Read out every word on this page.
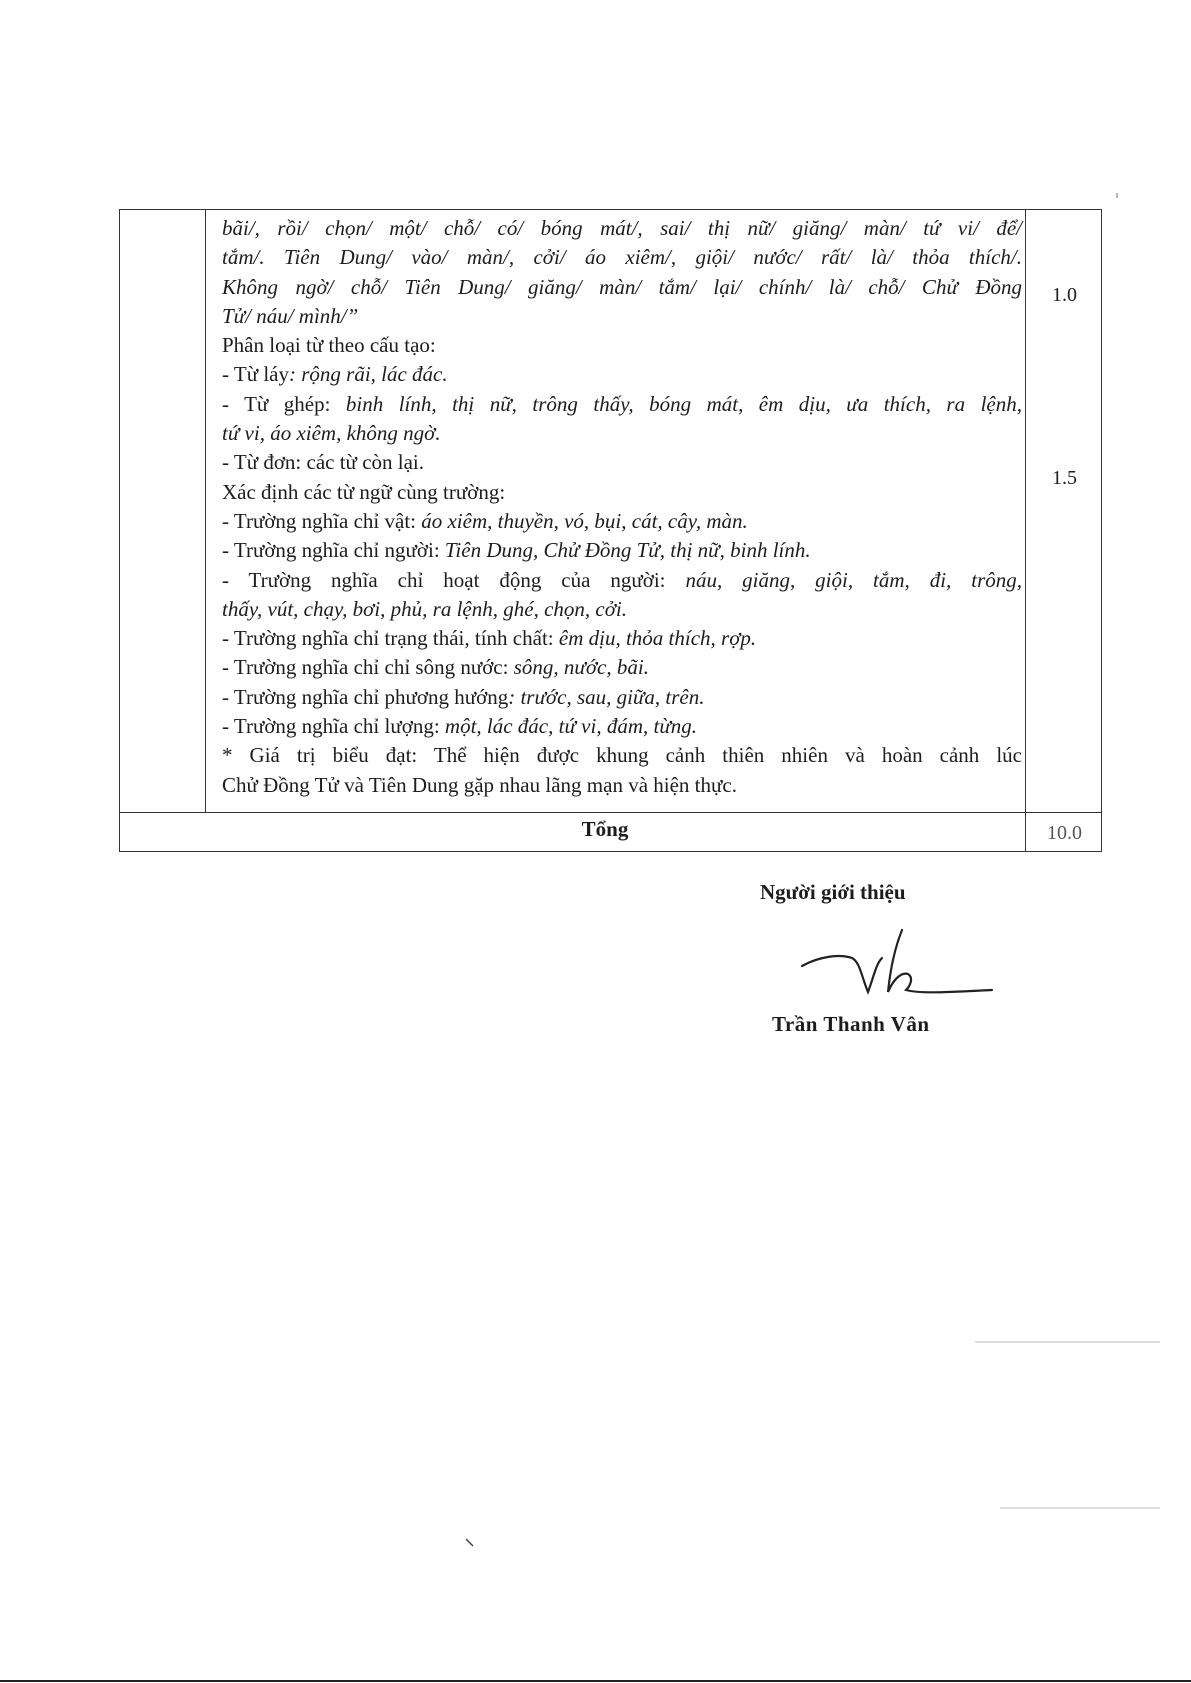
bãi/, rồi/ chọn/ một/ chỗ/ có/ bóng mát/, sai/ thị nữ/ giăng/ màn/ tứ vi/ để/

tắm/. Tiên Dung/ vào/ màn/, cởi/ áo xiêm/, giội/ nước/ rất/ là/ thỏa thích/.

Không ngờ/ chỗ/ Tiên Dung/ giăng/ màn/ tắm/ lại/ chính/ là/ chỗ/ Chử Đồng

Tử/ náu/ mình/”

Phân loại từ theo cấu tạo:

- Từ láy: rộng rãi, lác đác.

- Từ ghép: binh lính, thị nữ, trông thấy, bóng mát, êm dịu, ưa thích, ra lệnh,

tứ vi, áo xiêm, không ngờ.

- Từ đơn: các từ còn lại.

Xác định các từ ngữ cùng trường:

- Trường nghĩa chỉ vật: áo xiêm, thuyền, vó, bụi, cát, cây, màn.

- Trường nghĩa chỉ người: Tiên Dung, Chử Đồng Tử, thị nữ, binh lính.

- Trường nghĩa chỉ hoạt động của người: náu, giăng, giội, tắm, đi, trông,

thấy, vút, chạy, bơi, phủ, ra lệnh, ghé, chọn, cởi.

- Trường nghĩa chỉ trạng thái, tính chất: êm dịu, thỏa thích, rợp.

- Trường nghĩa chỉ chỉ sông nước: sông, nước, bãi.

- Trường nghĩa chỉ phương hướng: trước, sau, giữa, trên.

- Trường nghĩa chỉ lượng: một, lác đác, tứ vi, đám, từng.

* Giá trị biểu đạt: Thể hiện được khung cảnh thiên nhiên và hoàn cảnh lúc

Chử Đồng Tử và Tiên Dung gặp nhau lãng mạn và hiện thực.

1.0
1.5
Tổng	10.0
Người giới thiệu
Trần Thanh Vân
